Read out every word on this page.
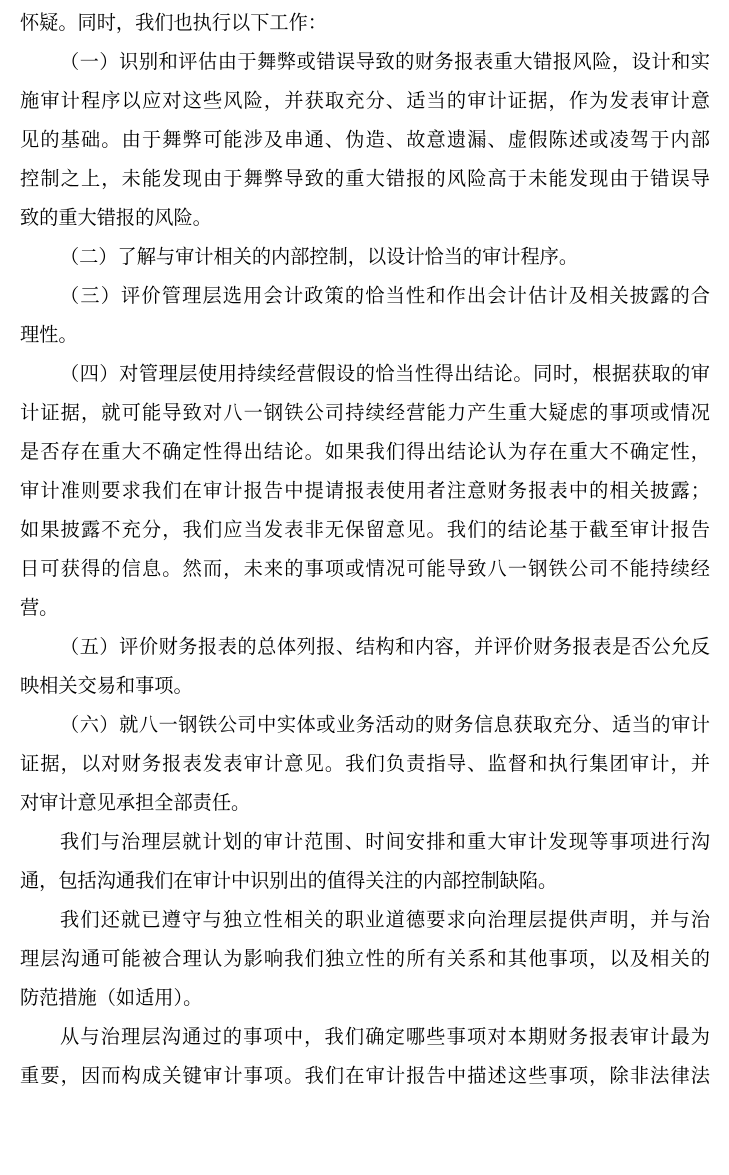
怀疑。同时，我们也执行以下工作：
（一）识别和评估由于舞弊或错误导致的财务报表重大错报风险，设计和实
施审计程序以应对这些风险，并获取充分、适当的审计证据，作为发表审计意
见的基础。由于舞弊可能涉及串通、伪造、故意遗漏、虚假陈述或凌驾于内部
控制之上，未能发现由于舞弊导致的重大错报的风险高于未能发现由于错误导
致的重大错报的风险。
（二）了解与审计相关的内部控制，以设计恰当的审计程序。
（三）评价管理层选用会计政策的恰当性和作出会计估计及相关披露的合
理性。
（四）对管理层使用持续经营假设的恰当性得出结论。同时，根据获取的审
计证据，就可能导致对八一钢铁公司持续经营能力产生重大疑虑的事项或情况
是否存在重大不确定性得出结论。如果我们得出结论认为存在重大不确定性，
审计准则要求我们在审计报告中提请报表使用者注意财务报表中的相关披露；
如果披露不充分，我们应当发表非无保留意见。我们的结论基于截至审计报告
日可获得的信息。然而，未来的事项或情况可能导致八一钢铁公司不能持续经
营。
（五）评价财务报表的总体列报、结构和内容，并评价财务报表是否公允反
映相关交易和事项。
（六）就八一钢铁公司中实体或业务活动的财务信息获取充分、适当的审计
证据，以对财务报表发表审计意见。我们负责指导、监督和执行集团审计，并
对审计意见承担全部责任。
我们与治理层就计划的审计范围、时间安排和重大审计发现等事项进行沟
通，包括沟通我们在审计中识别出的值得关注的内部控制缺陷。
我们还就已遵守与独立性相关的职业道德要求向治理层提供声明，并与治
理层沟通可能被合理认为影响我们独立性的所有关系和其他事项，以及相关的
防范措施（如适用）。
从与治理层沟通过的事项中，我们确定哪些事项对本期财务报表审计最为
重要，因而构成关键审计事项。我们在审计报告中描述这些事项，除非法律法
